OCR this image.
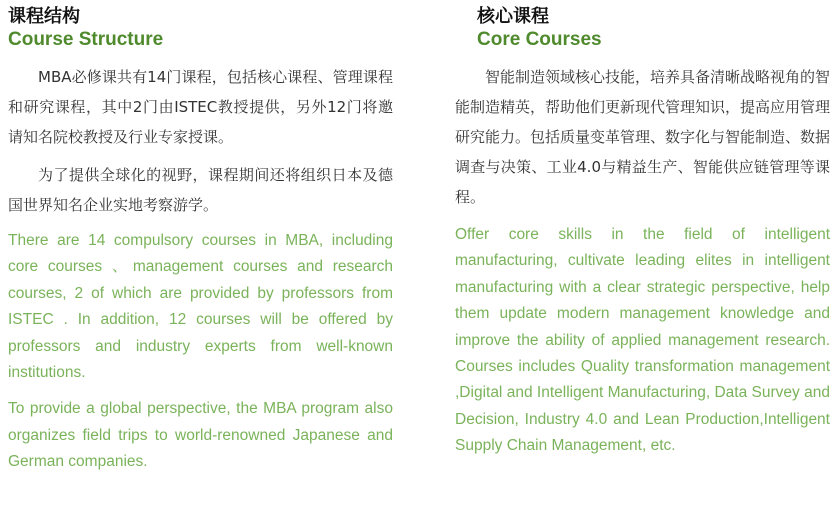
课程结构
Course Structure

MBA必修课共有14门课程，包括核心课程、管理课程和研究课程，其中2门由ISTEC教授提供，另外12门将邀请知名院校教授及行业专家授课。

为了提供全球化的视野，课程期间还将组织日本及德国世界知名企业实地考察游学。

There are 14 compulsory courses in MBA, including core courses 、management courses and research courses, 2 of which are provided by professors from ISTEC . In addition, 12 courses will be offered by professors and industry experts from well-known institutions.

To provide a global perspective, the MBA program also organizes field trips to world-renowned Japanese and German companies.

核心课程
Core Courses

智能制造领域核心技能，培养具备清晰战略视角的智能制造精英，帮助他们更新现代管理知识，提高应用管理研究能力。包括质量变革管理、数字化与智能制造、数据调查与决策、工业4.0与精益生产、智能供应链管理等课程。

Offer core skills in the field of intelligent manufacturing, cultivate leading elites in intelligent manufacturing with a clear strategic perspective, help them update modern management knowledge and improve the ability of applied management research. Courses includes Quality transformation management ,Digital and Intelligent Manufacturing, Data Survey and Decision, Industry 4.0 and Lean Production,Intelligent Supply Chain Management, etc.
